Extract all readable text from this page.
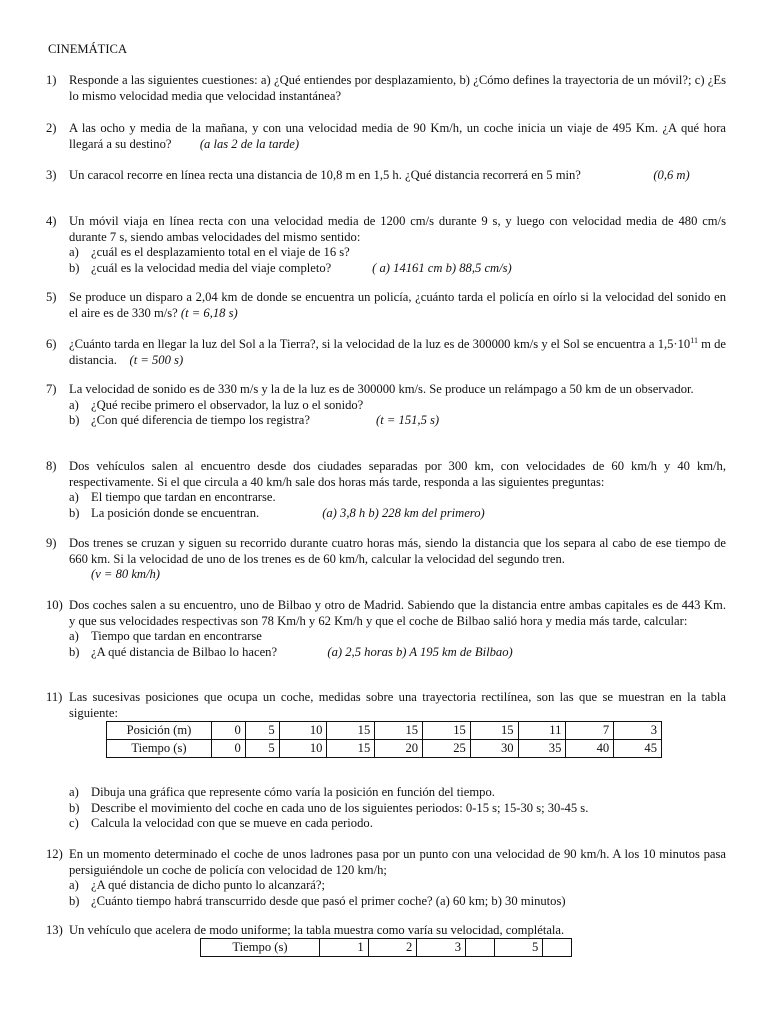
CINEMÁTICA
1) Responde a las siguientes cuestiones: a) ¿Qué entiendes por desplazamiento, b) ¿Cómo defines la trayectoria de un móvil?; c) ¿Es lo mismo velocidad media que velocidad instantánea?
2) A las ocho y media de la mañana, y con una velocidad media de 90 Km/h, un coche inicia un viaje de 495 Km. ¿A qué hora llegará a su destino? (a las 2 de la tarde)
3) Un caracol recorre en línea recta una distancia de 10,8 m en 1,5 h. ¿Qué distancia recorrerá en 5 min?	(0,6 m)
4) Un móvil viaja en línea recta con una velocidad media de 1200 cm/s durante 9 s, y luego con velocidad media de 480 cm/s durante 7 s, siendo ambas velocidades del mismo sentido:
a) ¿cuál es el desplazamiento total en el viaje de 16 s?
b) ¿cuál es la velocidad media del viaje completo?	( a) 14161 cm b) 88,5 cm/s)
5) Se produce un disparo a 2,04 km de donde se encuentra un policía, ¿cuánto tarda el policía en oírlo si la velocidad del sonido en el aire es de 330 m/s? (t = 6,18 s)
6) ¿Cuánto tarda en llegar la luz del Sol a la Tierra?, si la velocidad de la luz es de 300000 km/s y el Sol se encuentra a $1,5\cdot 10^{11}$ m de distancia. (t = 500 s)
7) La velocidad de sonido es de 330 m/s y la de la luz es de 300000 km/s. Se produce un relámpago a 50 km de un observador.
a) ¿Qué recibe primero el observador, la luz o el sonido?
b) ¿Con qué diferencia de tiempo los registra?	(t = 151,5 s)
8) Dos vehículos salen al encuentro desde dos ciudades separadas por 300 km, con velocidades de 60 km/h y 40 km/h, respectivamente. Si el que circula a 40 km/h sale dos horas más tarde, responda a las siguientes preguntas:
a) El tiempo que tardan en encontrarse.
b) La posición donde se encuentran.	(a) 3,8 h b) 228 km del primero)
9) Dos trenes se cruzan y siguen su recorrido durante cuatro horas más, siendo la distancia que los separa al cabo de ese tiempo de 660 km. Si la velocidad de uno de los trenes es de 60 km/h, calcular la velocidad del segundo tren.
(v = 80 km/h)
10) Dos coches salen a su encuentro, uno de Bilbao y otro de Madrid. Sabiendo que la distancia entre ambas capitales es de 443 Km. y que sus velocidades respectivas son 78 Km/h y 62 Km/h y que el coche de Bilbao salió hora y media más tarde, calcular:
a) Tiempo que tardan en encontrarse
b) ¿A qué distancia de Bilbao lo hacen?	(a) 2,5 horas b) A 195 km de Bilbao)
11) Las sucesivas posiciones que ocupa un coche, medidas sobre una trayectoria rectilínea, son las que se muestran en la tabla siguiente:
Posición (m)	0	5	10	15	15	15	15	11	7	3
Tiempo (s)	0	5	10	15	20	25	30	35	40	45
a) Dibuja una gráfica que represente cómo varía la posición en función del tiempo.
b) Describe el movimiento del coche en cada uno de los siguientes periodos: 0-15 s; 15-30 s; 30-45 s.
c) Calcula la velocidad con que se mueve en cada periodo.
12) En un momento determinado el coche de unos ladrones pasa por un punto con una velocidad de 90 km/h. A los 10 minutos pasa persiguiéndole un coche de policía con velocidad de 120 km/h;
a) ¿A qué distancia de dicho punto lo alcanzará?;
b) ¿Cuánto tiempo habrá transcurrido desde que pasó el primer coche? (a) 60 km; b) 30 minutos)
13) Un vehículo que acelera de modo uniforme; la tabla muestra como varía su velocidad, complétala.
Tiempo (s)	1	2	3		5	
